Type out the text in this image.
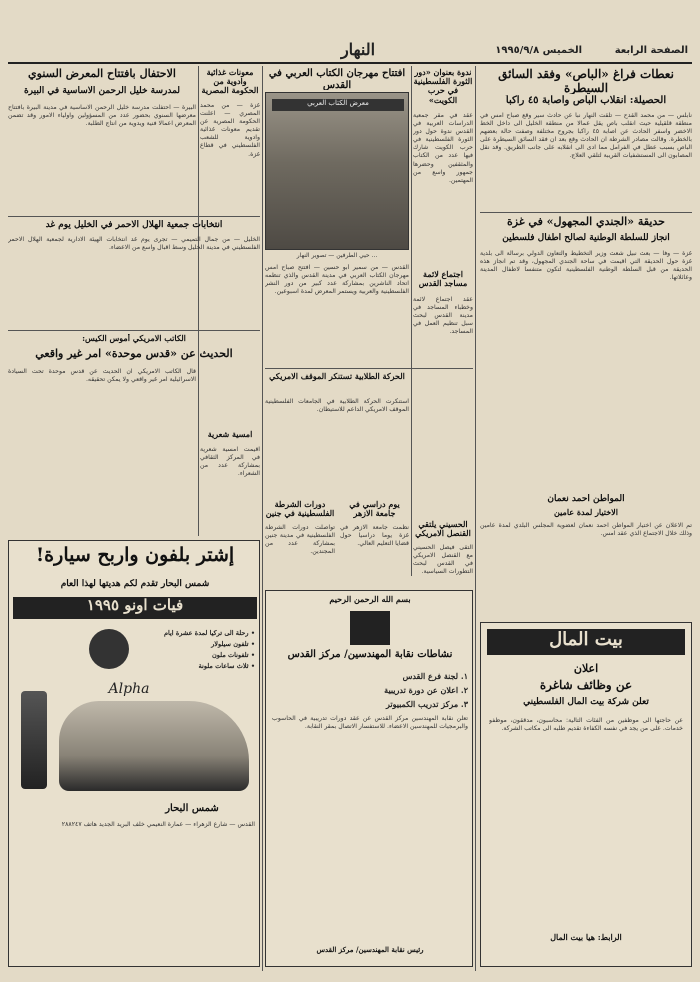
الصفحة الرابعة
الخميس ١٩٩٥/٩/٨
النهار
نعطات فراغ «الباص» وفقد السائق السيطرة
الحصيلة: انقلاب الباص واصابة ٤٥ راكباً
نابلس — من محمد القدح — تلقت النهار نبأ عن حادث سير وقع صباح امس في منطقة قلقيلية حيث انقلب باص يقل عمالا من منطقة الخليل الى داخل الخط الاخضر واسفر الحادث عن اصابة ٤٥ راكبا بجروح مختلفة وصفت حالة بعضهم بالخطرة. وقالت مصادر الشرطة ان الحادث وقع بعد ان فقد السائق السيطرة على الباص بسبب عطل في الفرامل مما ادى الى انقلابه على جانب الطريق. وقد نقل المصابون الى المستشفيات القريبة لتلقي العلاج.
حديقة «الجندي المجهول» في غزة
انجاز للسلطة الوطنية لصالح اطفال فلسطين
غزة — وفا — بعث نبيل شعث وزير التخطيط والتعاون الدولي برسالة الى بلدية غزة حول الحديقة التي اقيمت في ساحة الجندي المجهول، وقد تم انجاز هذه الحديقة من قبل السلطة الوطنية الفلسطينية لتكون متنفسا لاطفال المدينة وعائلاتها.
المواطن احمد نعمان
الاختيار لمدة عامين
تم الاعلان عن اختيار المواطن احمد نعمان لعضوية المجلس البلدي لمدة عامين وذلك خلال الاجتماع الذي عقد امس.
بيت المال
اعلان
عن وظائف شاغرة
تعلن شركة بيت المال الفلسطيني
عن حاجتها الى موظفين من الفئات التالية: محاسبون، مدققون، موظفو خدمات. على من يجد في نفسه الكفاءة تقديم طلبه الى مكاتب الشركة.
الرابط: هيا بيت المال
ندوة بعنوان «دور الثورة الفلسطينية في حرب الكويت»
عقد في مقر جمعية الدراسات العربية في القدس ندوة حول دور الثورة الفلسطينية في حرب الكويت شارك فيها عدد من الكتاب والمثقفين وحضرها جمهور واسع من المهتمين.
اجتماع لائمة مساجد القدس
عقد اجتماع لائمة وخطباء المساجد في مدينة القدس لبحث سبل تنظيم العمل في المساجد.
افتتاح مهرجان الكتاب العربي في القدس
معرض الكتاب العربي
... حيي الطرفين — تصوير النهار
القدس — من سمير أبو حسين — افتتح صباح امس مهرجان الكتاب العربي في مدينة القدس والذي تنظمه اتحاد الناشرين بمشاركة عدد كبير من دور النشر الفلسطينية والعربية ويستمر المعرض لمدة اسبوعين.
الحركة الطلابية تستنكر الموقف الامريكي
استنكرت الحركة الطلابية في الجامعات الفلسطينية الموقف الامريكي الداعم للاستيطان.
يوم دراسي في جامعة الازهر
نظمت جامعة الازهر في غزة يوما دراسيا حول قضايا التعليم العالي.
دورات الشرطة الفلسطينية في جنين
تواصلت دورات الشرطة الفلسطينية في مدينة جنين بمشاركة عدد من المجندين.
الحسيني يلتقي القنصل الامريكي
التقى فيصل الحسيني مع القنصل الامريكي في القدس لبحث التطورات السياسية.
بسم الله الرحمن الرحيم
نشاطات نقابة المهندسين/ مركز القدس
١. لجنة فرع القدس
٢. اعلان عن دورة تدريبية
٣. مركز تدريب الكمبيوتر
تعلن نقابة المهندسين مركز القدس عن عقد دورات تدريبية في الحاسوب والبرمجيات للمهندسين الاعضاء. للاستفسار الاتصال بمقر النقابة.
رئيس نقابة المهندسين/ مركز القدس
معونات غذائية وادوية من الحكومة المصرية
غزة — من محمد المصري — اعلنت الحكومة المصرية عن تقديم معونات غذائية وادوية للشعب الفلسطيني في قطاع غزة.
الاحتفال بافتتاح المعرض السنوي
لمدرسة خليل الرحمن الاساسية في البيرة
البيرة — احتفلت مدرسة خليل الرحمن الاساسية في مدينة البيرة بافتتاح معرضها السنوي بحضور عدد من المسؤولين واولياء الامور وقد تضمن المعرض اعمالا فنية ويدوية من انتاج الطلبة.
انتخابات جمعية الهلال الاحمر في الخليل يوم غد
الخليل — من جمال التميمي — تجرى يوم غد انتخابات الهيئة الادارية لجمعية الهلال الاحمر الفلسطيني في مدينة الخليل وسط اقبال واسع من الاعضاء.
الكاتب الامريكي أموس الكيس:
الحديث عن «قدس موحدة» امر غير واقعي
قال الكاتب الامريكي ان الحديث عن قدس موحدة تحت السيادة الاسرائيلية امر غير واقعي ولا يمكن تحقيقه.
امسية شعرية
اقيمت امسية شعرية في المركز الثقافي بمشاركة عدد من الشعراء.
إشتر بلفون واربح سيارة!
شمس البحار تقدم لكم هديتها لهذا العام
فيات اونو ١٩٩٥
• رحلة الى تركيا لمدة عشرة ايام
• تلفون سيلولار
• تلفونات ملون
• ثلاث ساعات ملونة
Alpha
شمس البحار
القدس — شارع الزهراء — عمارة النعيمي خلف البريد الجديد هاتف ٢٨٨٢٤٧
